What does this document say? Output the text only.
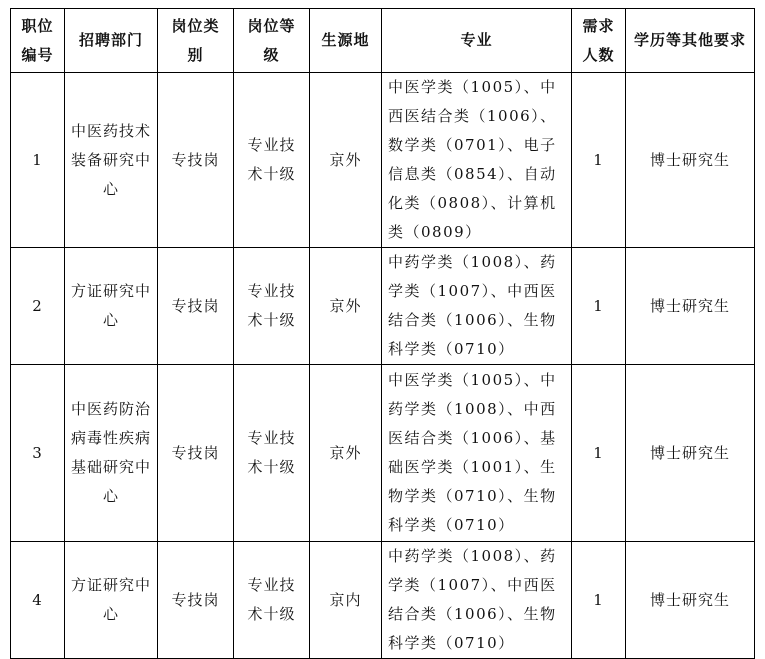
职位编号	招聘部门	岗位类别	岗位等级	生源地	专业	需求人数	学历等其他要求
1	中医药技术装备研究中心	专技岗	专业技术十级	京外	中医学类（1005）、中西医结合类（1006）、数学类（0701）、电子信息类（0854）、自动化类（0808）、计算机类（0809）	1	博士研究生
2	方证研究中心	专技岗	专业技术十级	京外	中药学类（1008）、药学类（1007）、中西医结合类（1006）、生物科学类（0710）	1	博士研究生
3	中医药防治病毒性疾病基础研究中心	专技岗	专业技术十级	京外	中医学类（1005）、中药学类（1008）、中西医结合类（1006）、基础医学类（1001）、生物学类（0710）、生物科学类（0710）	1	博士研究生
4	方证研究中心	专技岗	专业技术十级	京内	中药学类（1008）、药学类（1007）、中西医结合类（1006）、生物科学类（0710）	1	博士研究生
